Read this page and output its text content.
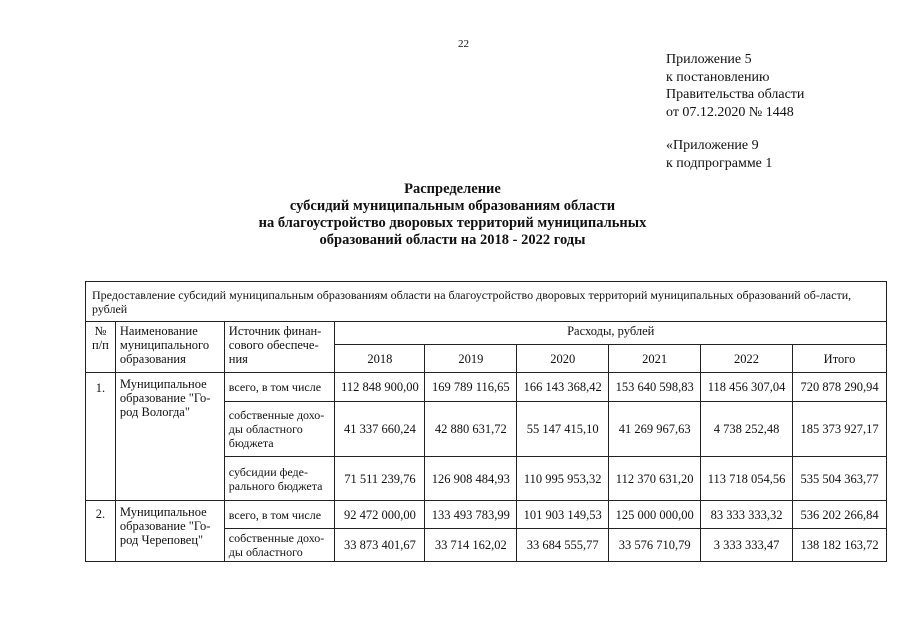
22
Приложение 5
к постановлению
Правительства области
от 07.12.2020 № 1448
«Приложение 9
к подпрограмме 1
Распределение
субсидий муниципальным образованиям области
на благоустройство дворовых территорий муниципальных
образований области на 2018 - 2022 годы
Предоставление субсидий муниципальным образованиям области на благоустройство дворовых территорий муниципальных образований об-ласти, рублей								
№ п/п	Наименование муниципального образования	Источник финан-сового обеспече-ния	Расходы, рублей					
			2018	2019	2020	2021	2022	Итого
1.	Муниципальное образование "Го-род Вологда"	всего, в том числе	112 848 900,00	169 789 116,65	166 143 368,42	153 640 598,83	118 456 307,04	720 878 290,94
		собственные дохо-ды областного бюджета	41 337 660,24	42 880 631,72	55 147 415,10	41 269 967,63	4 738 252,48	185 373 927,17
		субсидии феде-рального бюджета	71 511 239,76	126 908 484,93	110 995 953,32	112 370 631,20	113 718 054,56	535 504 363,77
2.	Муниципальное образование "Го-род Череповец"	всего, в том числе	92 472 000,00	133 493 783,99	101 903 149,53	125 000 000,00	83 333 333,32	536 202 266,84
		собственные дохо-ды областного	33 873 401,67	33 714 162,02	33 684 555,77	33 576 710,79	3 333 333,47	138 182 163,72
